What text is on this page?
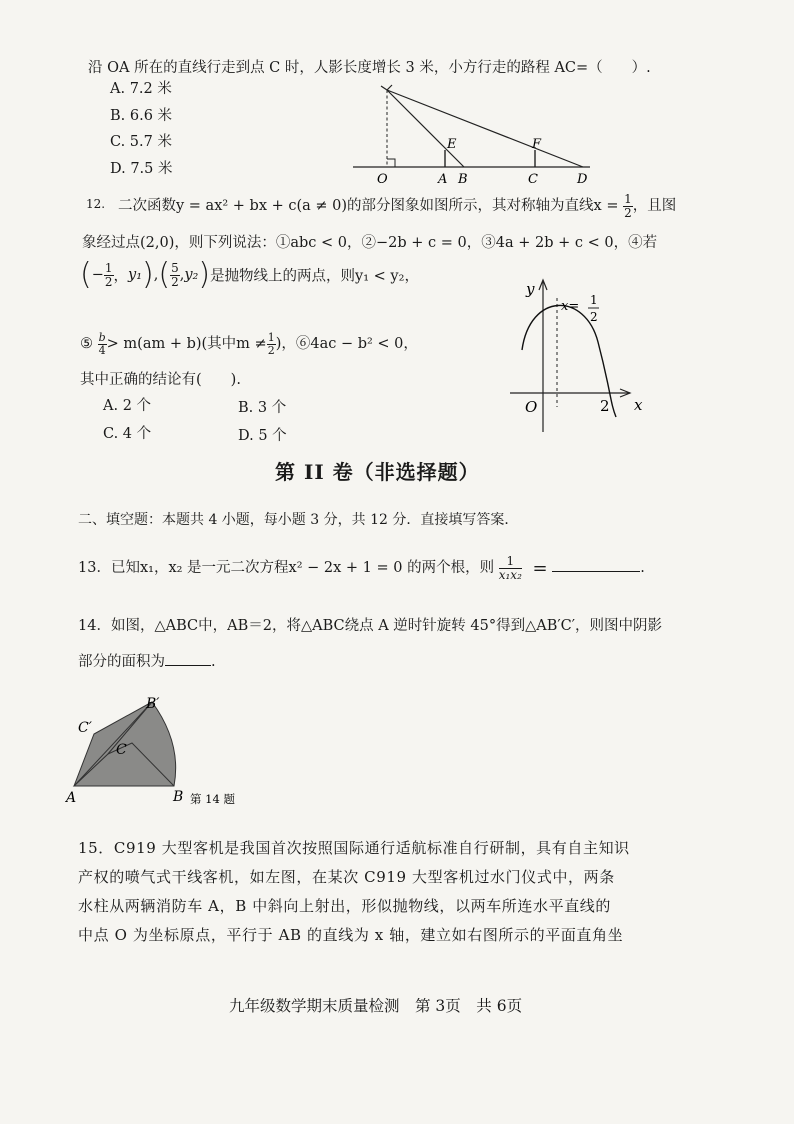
沿 OA 所在的直线行走到点 C 时，人影长度增长 3 米，小方行走的路程 AC=（　　）.
A. 7.2 米
B. 6.6 米
C. 5.7 米
D. 7.5 米
O	A B	C	D
E	F
12. 二次函数y = ax² + bx + c(a ≠ 0)的部分图象如图所示，其对称轴为直线$x = \frac{1}{2}$ ，且图
象经过点(2,0)，则下列说法：①abc < 0，②−2b + c = 0，③4a + 2b + c < 0，④若
(− $\frac{1}{2}$ ，$y_1),( \frac{5}{2} ,y_2)$是抛物线上的两点，则y₁ < y₂，
⑤ $\frac{b}{4} > m(am + b)$(其中$m \ne \frac{1}{2}$ )，⑥4ac − b² < 0，
其中正确的结论有(　　).
A. 2 个	B. 3 个
C. 4 个	D. 5 个
y
x
O	2
x= 1
2
第 II 卷（非选择题）
二、填空题：本题共 4 小题，每小题 3 分，共 12 分．直接填写答案．
13．已知x₁，x₂ 是一元二次方程x² − 2x + 1 = 0 的两个根，则 $\frac{1}{\text{x₁x₂}}$ =	.
14．如图，△ABC中，AB＝2，将△ABC绕点 A 逆时针旋转 45°得到△AB′C′，则图中阴影
部分的面积为	.
A	B
C
C′
B′
第 14 题
15．C919 大型客机是我国首次按照国际通行适航标准自行研制，具有自主知识
产权的喷气式干线客机，如左图，在某次 C919 大型客机过水门仪式中，两条
水柱从两辆消防车 A，B 中斜向上射出，形似抛物线，以两车所连水平直线的
中点 O 为坐标原点，平行于 AB 的直线为 x 轴，建立如右图所示的平面直角坐
九年级数学期末质量检测　第 3页　共 6页
